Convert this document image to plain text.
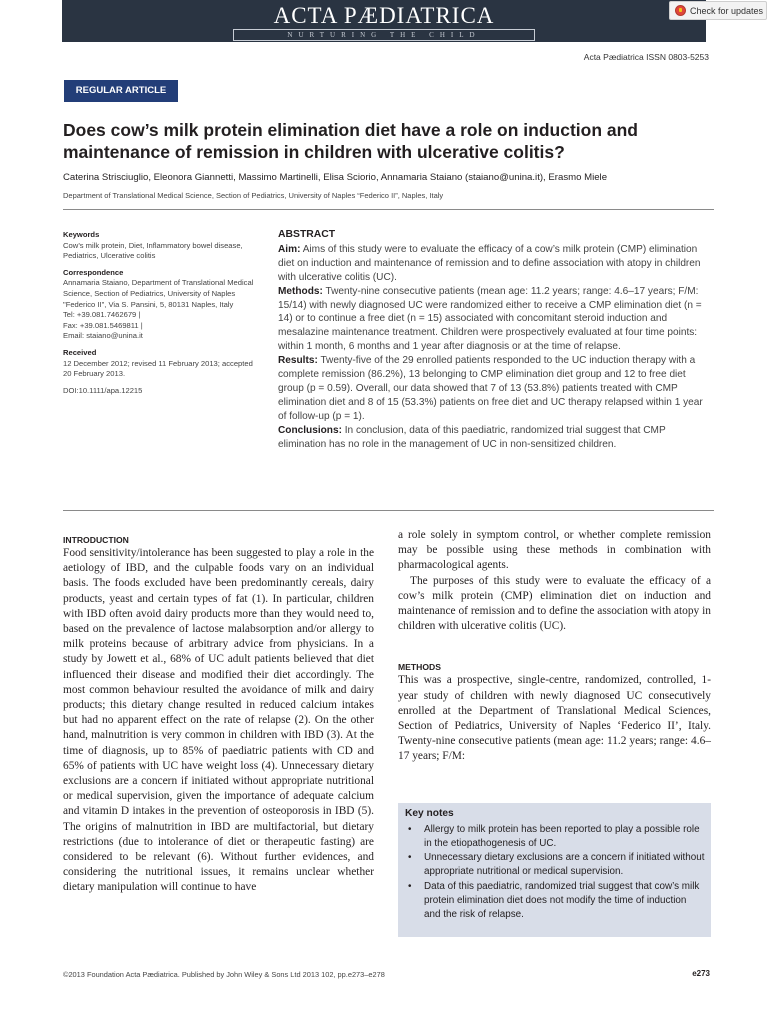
ACTA PÆDIATRICA
NURTURING THE CHILD
Check for updates
Acta Pædiatrica ISSN 0803-5253
REGULAR ARTICLE
Does cow’s milk protein elimination diet have a role on induction and maintenance of remission in children with ulcerative colitis?
Caterina Strisciuglio, Eleonora Giannetti, Massimo Martinelli, Elisa Sciorio, Annamaria Staiano (staiano@unina.it), Erasmo Miele
Department of Translational Medical Science, Section of Pediatrics, University of Naples “Federico II”, Naples, Italy
Keywords
Cow’s milk protein, Diet, Inflammatory bowel disease, Pediatrics, Ulcerative colitis
Correspondence
Annamaria Staiano, Department of Translational Medical Science, Section of Pediatrics, University of Naples "Federico II", Via S. Pansini, 5, 80131 Naples, Italy
Tel: +39.081.7462679 |
Fax: +39.081.5469811 |
Email: staiano@unina.it
Received
12 December 2012; revised 11 February 2013; accepted 20 February 2013.
DOI:10.1111/apa.12215
ABSTRACT

Aim: Aims of this study were to evaluate the efficacy of a cow’s milk protein (CMP) elimination diet on induction and maintenance of remission and to define association with atopy in children with ulcerative colitis (UC).

Methods: Twenty-nine consecutive patients (mean age: 11.2 years; range: 4.6–17 years; F/M: 15/14) with newly diagnosed UC were randomized either to receive a CMP elimination diet (n = 14) or to continue a free diet (n = 15) associated with concomitant steroid induction and mesalazine maintenance treatment. Children were prospectively evaluated at four time points: within 1 month, 6 months and 1 year after diagnosis or at the time of relapse.

Results: Twenty-five of the 29 enrolled patients responded to the UC induction therapy with a complete remission (86.2%), 13 belonging to CMP elimination diet group and 12 to free diet group (p = 0.59). Overall, our data showed that 7 of 13 (53.8%) patients treated with CMP elimination diet and 8 of 15 (53.3%) patients on free diet and UC therapy relapsed within 1 year of follow-up (p = 1).

Conclusions: In conclusion, data of this paediatric, randomized trial suggest that CMP elimination has no role in the management of UC in non-sensitized children.

INTRODUCTION

Food sensitivity/intolerance has been suggested to play a role in the aetiology of IBD, and the culpable foods vary on an individual basis. The foods excluded have been predominantly cereals, dairy products, yeast and certain types of fat (1). In particular, children with IBD often avoid dairy products more than they would need to, based on the prevalence of lactose malabsorption and/or allergy to milk proteins because of arbitrary advice from physicians. In a study by Jowett et al., 68% of UC adult patients believed that diet influenced their disease and modified their diet accordingly. The most common behaviour resulted the avoidance of milk and dairy products; this dietary change resulted in reduced calcium intakes but had no apparent effect on the rate of relapse (2). On the other hand, malnutrition is very common in children with IBD (3). At the time of diagnosis, up to 85% of paediatric patients with CD and 65% of patients with UC have weight loss (4). Unnecessary dietary exclusions are a concern if initiated without appropriate nutritional or medical supervision, given the importance of adequate calcium and vitamin D intakes in the prevention of osteoporosis in IBD (5). The origins of malnutrition in IBD are multifactorial, but dietary restrictions (due to intolerance of diet or therapeutic fasting) are considered to be relevant (6). Without further evidences, and considering the nutritional issues, it remains unclear whether dietary manipulation will continue to have

a role solely in symptom control, or whether complete remission may be possible using these methods in combination with pharmacological agents.

The purposes of this study were to evaluate the efficacy of a cow’s milk protein (CMP) elimination diet on induction and maintenance of remission and to define the association with atopy in children with ulcerative colitis (UC).

METHODS

This was a prospective, single-centre, randomized, controlled, 1-year study of children with newly diagnosed UC consecutively enrolled at the Department of Translational Medical Sciences, Section of Pediatrics, University of Naples ‘Federico II’, Italy. Twenty-nine consecutive patients (mean age: 11.2 years; range: 4.6–17 years; F/M:

Key notes
• Allergy to milk protein has been reported to play a possible role in the etiopathogenesis of UC.
• Unnecessary dietary exclusions are a concern if initiated without appropriate nutritional or medical supervision.
• Data of this paediatric, randomized trial suggest that cow’s milk protein elimination diet does not modify the time of induction and the risk of relapse.
©2013 Foundation Acta Pædiatrica. Published by John Wiley & Sons Ltd 2013 102, pp.e273–e278	e273
